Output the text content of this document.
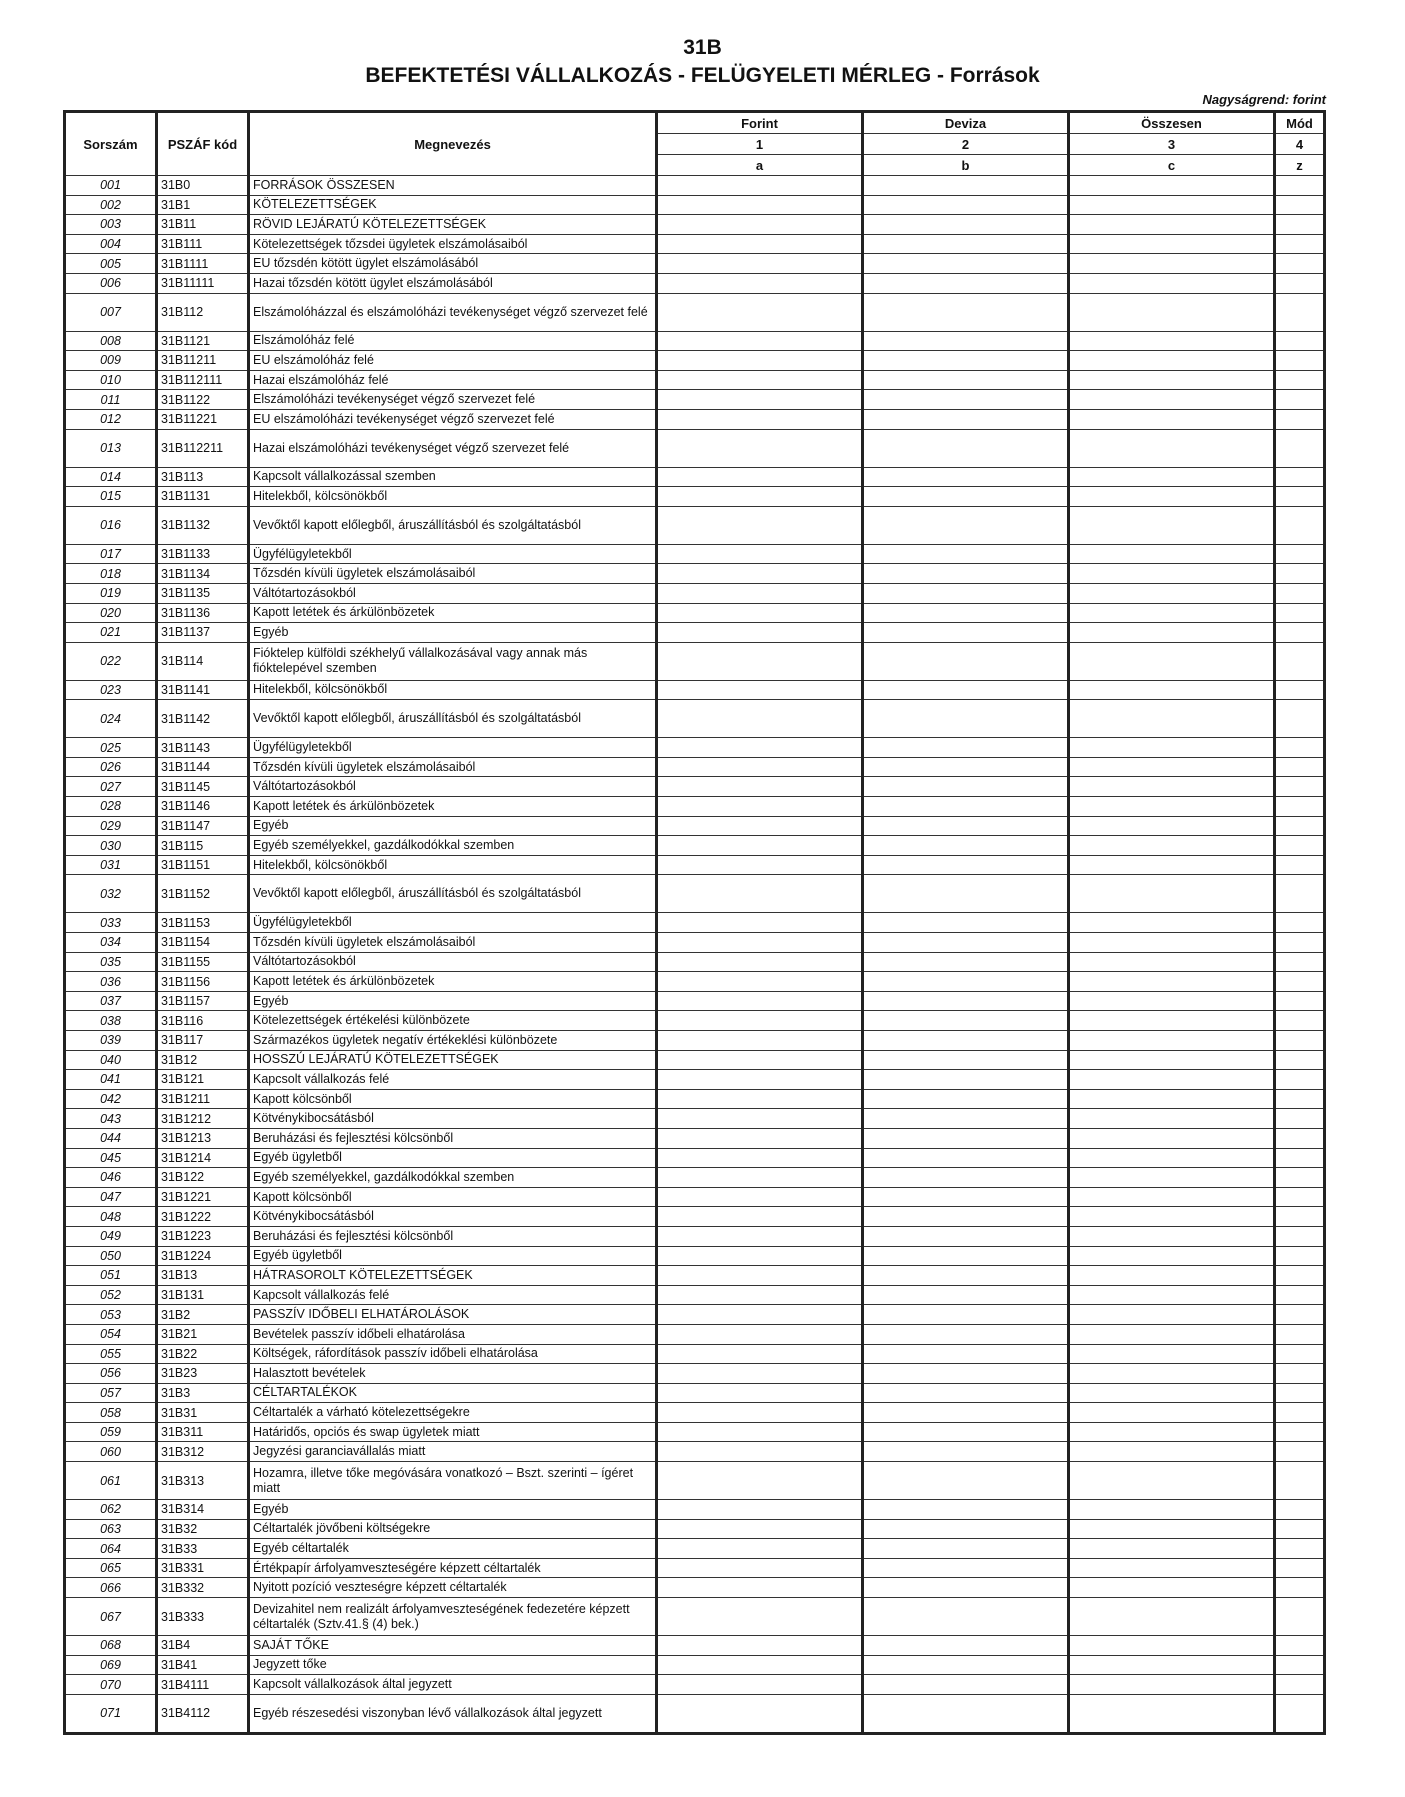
31B
BEFEKTETÉSI VÁLLALKOZÁS - FELÜGYELETI MÉRLEG - Források
Nagyságrend: forint
Sorszám	PSZÁF kód	Megnevezés	Forint	Deviza	Összesen	Mód
			1	2	3	4
			a	b	c	z
001	31B0	FORRÁSOK ÖSSZESEN				
002	31B1	KÖTELEZETTSÉGEK				
003	31B11	RÖVID LEJÁRATÚ KÖTELEZETTSÉGEK				
004	31B111	Kötelezettségek tőzsdei ügyletek elszámolásaiból				
005	31B1111	EU tőzsdén kötött ügylet elszámolásából				
006	31B11111	Hazai tőzsdén kötött ügylet elszámolásából				
007	31B112	Elszámolóházzal és elszámolóházi tevékenységet végző szervezet felé				
008	31B1121	Elszámolóház felé				
009	31B11211	EU elszámolóház felé				
010	31B112111	Hazai elszámolóház felé				
011	31B1122	Elszámolóházi tevékenységet végző szervezet felé				
012	31B11221	EU elszámolóházi tevékenységet végző szervezet felé				
013	31B112211	Hazai elszámolóházi tevékenységet végző szervezet felé				
014	31B113	Kapcsolt vállalkozással szemben				
015	31B1131	Hitelekből, kölcsönökből				
016	31B1132	Vevőktől kapott előlegből, áruszállításból és szolgáltatásból				
017	31B1133	Ügyfélügyletekből				
018	31B1134	Tőzsdén kívüli ügyletek elszámolásaiból				
019	31B1135	Váltótartozásokból				
020	31B1136	Kapott letétek és árkülönbözetek				
021	31B1137	Egyéb				
022	31B114	Fióktelep külföldi székhelyű vállalkozásával vagy annak más fióktelepével szemben				
023	31B1141	Hitelekből, kölcsönökből				
024	31B1142	Vevőktől kapott előlegből, áruszállításból és szolgáltatásból				
025	31B1143	Ügyfélügyletekből				
026	31B1144	Tőzsdén kívüli ügyletek elszámolásaiból				
027	31B1145	Váltótartozásokból				
028	31B1146	Kapott letétek és árkülönbözetek				
029	31B1147	Egyéb				
030	31B115	Egyéb személyekkel, gazdálkodókkal szemben				
031	31B1151	Hitelekből, kölcsönökből				
032	31B1152	Vevőktől kapott előlegből, áruszállításból és szolgáltatásból				
033	31B1153	Ügyfélügyletekből				
034	31B1154	Tőzsdén kívüli ügyletek elszámolásaiból				
035	31B1155	Váltótartozásokból				
036	31B1156	Kapott letétek és árkülönbözetek				
037	31B1157	Egyéb				
038	31B116	Kötelezettségek értékelési különbözete				
039	31B117	Származékos ügyletek negatív értékeklési különbözete				
040	31B12	HOSSZÚ LEJÁRATÚ KÖTELEZETTSÉGEK				
041	31B121	Kapcsolt vállalkozás felé				
042	31B1211	Kapott kölcsönből				
043	31B1212	Kötvénykibocsátásból				
044	31B1213	Beruházási és fejlesztési kölcsönből				
045	31B1214	Egyéb ügyletből				
046	31B122	Egyéb személyekkel, gazdálkodókkal szemben				
047	31B1221	Kapott kölcsönből				
048	31B1222	Kötvénykibocsátásból				
049	31B1223	Beruházási és fejlesztési kölcsönből				
050	31B1224	Egyéb ügyletből				
051	31B13	HÁTRASOROLT KÖTELEZETTSÉGEK				
052	31B131	Kapcsolt vállalkozás felé				
053	31B2	PASSZÍV IDŐBELI ELHATÁROLÁSOK				
054	31B21	Bevételek passzív időbeli elhatárolása				
055	31B22	Költségek, ráfordítások passzív időbeli elhatárolása				
056	31B23	Halasztott bevételek				
057	31B3	CÉLTARTALÉKOK				
058	31B31	Céltartalék a várható kötelezettségekre				
059	31B311	Határidős, opciós és swap ügyletek miatt				
060	31B312	Jegyzési garanciavállalás miatt				
061	31B313	Hozamra, illetve tőke megóvására vonatkozó – Bszt. szerinti – ígéret miatt				
062	31B314	Egyéb				
063	31B32	Céltartalék jövőbeni költségekre				
064	31B33	Egyéb céltartalék				
065	31B331	Értékpapír árfolyamveszteségére képzett céltartalék				
066	31B332	Nyitott pozíció veszteségre képzett céltartalék				
067	31B333	Devizahitel nem realizált árfolyamveszteségének fedezetére képzett céltartalék (Sztv.41.§ (4) bek.)				
068	31B4	SAJÁT TŐKE				
069	31B41	Jegyzett tőke				
070	31B4111	Kapcsolt vállalkozások által jegyzett				
071	31B4112	Egyéb részesedési viszonyban lévő vállalkozások által jegyzett				
